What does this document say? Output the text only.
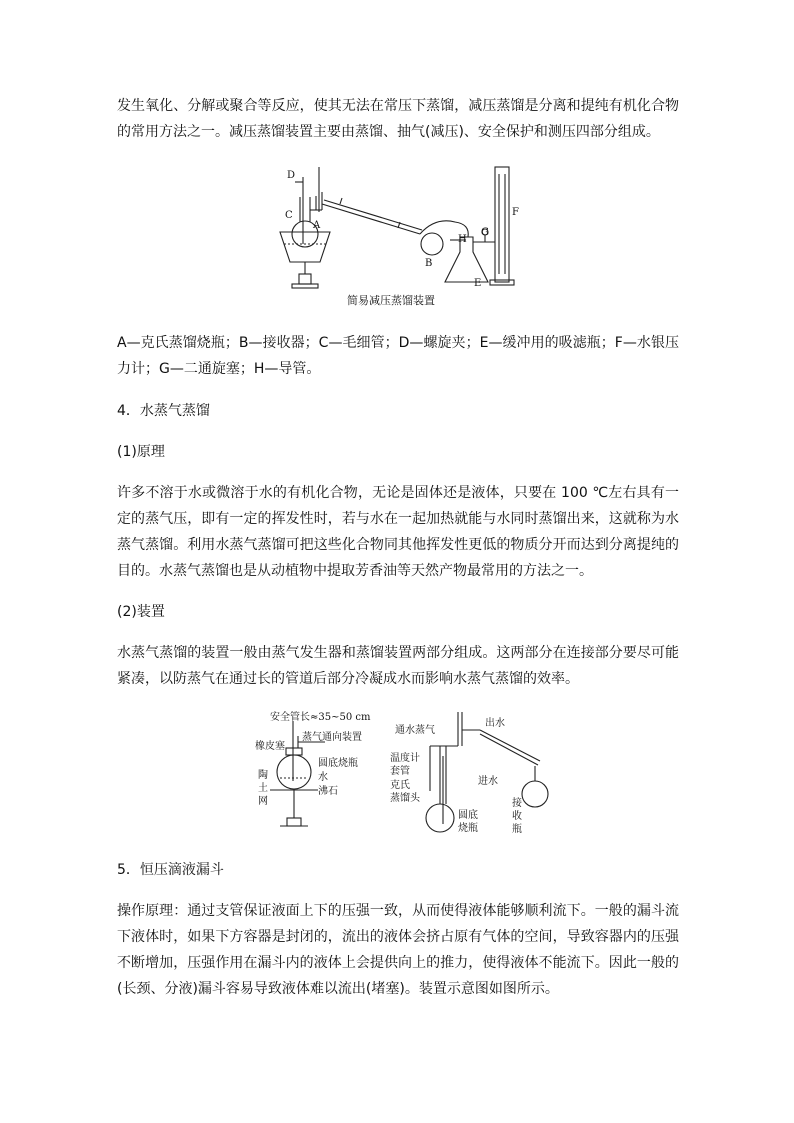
发生氧化、分解或聚合等反应，使其无法在常压下蒸馏，减压蒸馏是分离和提纯有机化合物的常用方法之一。减压蒸馏装置主要由蒸馏、抽气(减压)、安全保护和测压四部分组成。

D
C
A
B
H
G
E
F
简易减压蒸馏装置

A—克氏蒸馏烧瓶；B—接收器；C—毛细管；D—螺旋夹；E—缓冲用的吸滤瓶；F—水银压力计；G—二通旋塞；H—导管。

4．水蒸气蒸馏

(1)原理

许多不溶于水或微溶于水的有机化合物，无论是固体还是液体，只要在 100 ℃左右具有一定的蒸气压，即有一定的挥发性时，若与水在一起加热就能与水同时蒸馏出来，这就称为水蒸气蒸馏。利用水蒸气蒸馏可把这些化合物同其他挥发性更低的物质分开而达到分离提纯的目的。水蒸气蒸馏也是从动植物中提取芳香油等天然产物最常用的方法之一。

(2)装置

水蒸气蒸馏的装置一般由蒸气发生器和蒸馏装置两部分组成。这两部分在连接部分要尽可能紧凑，以防蒸气在通过长的管道后部分冷凝成水而影响水蒸气蒸馏的效率。

安全管长≈35~50 cm
橡皮塞
蒸气通向装置
陶
土
网
圆底烧瓶
水
沸石
通水蒸气
出水
温度计
套管
克氏
蒸馏头
进水
接
收
瓶
圆底
烧瓶

5．恒压滴液漏斗

操作原理：通过支管保证液面上下的压强一致，从而使得液体能够顺利流下。一般的漏斗流下液体时，如果下方容器是封闭的，流出的液体会挤占原有气体的空间，导致容器内的压强不断增加，压强作用在漏斗内的液体上会提供向上的推力，使得液体不能流下。因此一般的(长颈、分液)漏斗容易导致液体难以流出(堵塞)。装置示意图如图所示。
